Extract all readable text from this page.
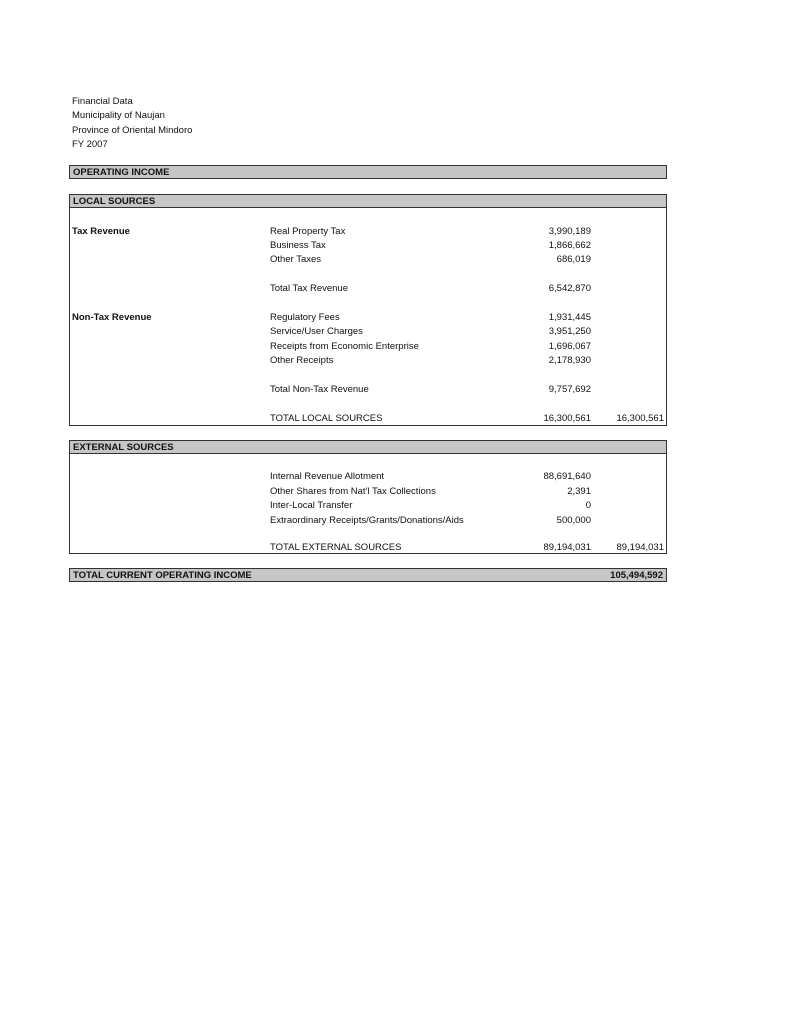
Financial Data
Municipality of Naujan
Province of Oriental Mindoro
FY 2007
OPERATING INCOME
LOCAL SOURCES
Tax Revenue	Real Property Tax	3,990,189
Business Tax	1,866,662
Other Taxes	686,019
Total Tax Revenue	6,542,870
Non-Tax Revenue	Regulatory Fees	1,931,445
Service/User Charges	3,951,250
Receipts from Economic Enterprise	1,696,067
Other Receipts	2,178,930
Total Non-Tax Revenue	9,757,692
TOTAL LOCAL SOURCES	16,300,561	16,300,561
EXTERNAL SOURCES
Internal Revenue Allotment	88,691,640
Other Shares from Nat'l Tax Collections	2,391
Inter-Local Transfer	0
Extraordinary Receipts/Grants/Donations/Aids	500,000
TOTAL EXTERNAL SOURCES	89,194,031	89,194,031
TOTAL CURRENT OPERATING INCOME	105,494,592
